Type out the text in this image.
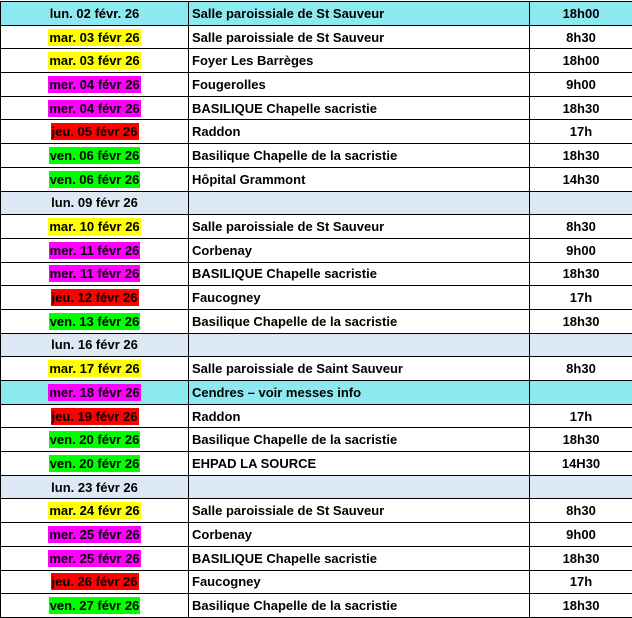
lun. 02 févr. 26	Salle paroissiale de St Sauveur	18h00
mar. 03 févr 26	Salle paroissiale de St Sauveur	8h30
mar. 03 févr 26	Foyer Les Barrèges	18h00
mer. 04 févr 26	Fougerolles	9h00
mer. 04 févr 26	BASILIQUE Chapelle sacristie	18h30
jeu. 05 févr 26	Raddon	17h
ven. 06 févr 26	Basilique Chapelle de la sacristie	18h30
ven. 06 févr 26	Hôpital Grammont	14h30
lun. 09 févr 26		
mar. 10 févr 26	Salle paroissiale de St Sauveur	8h30
mer. 11 févr 26	Corbenay	9h00
mer. 11 févr 26	BASILIQUE Chapelle sacristie	18h30
jeu. 12 févr 26	Faucogney	17h
ven. 13 févr 26	Basilique Chapelle de la sacristie	18h30
lun. 16 févr 26		
mar. 17 févr 26	Salle paroissiale de Saint Sauveur	8h30
mer. 18 févr 26	Cendres – voir messes info	
jeu. 19 févr 26	Raddon	17h
ven. 20 févr 26	Basilique Chapelle de la sacristie	18h30
ven. 20 févr 26	EHPAD LA SOURCE	14H30
lun. 23 févr 26		
mar. 24 févr 26	Salle paroissiale de St Sauveur	8h30
mer. 25 févr 26	Corbenay	9h00
mer. 25 févr 26	BASILIQUE Chapelle sacristie	18h30
jeu. 26 févr 26	Faucogney	17h
ven. 27 févr 26	Basilique Chapelle de la sacristie	18h30
